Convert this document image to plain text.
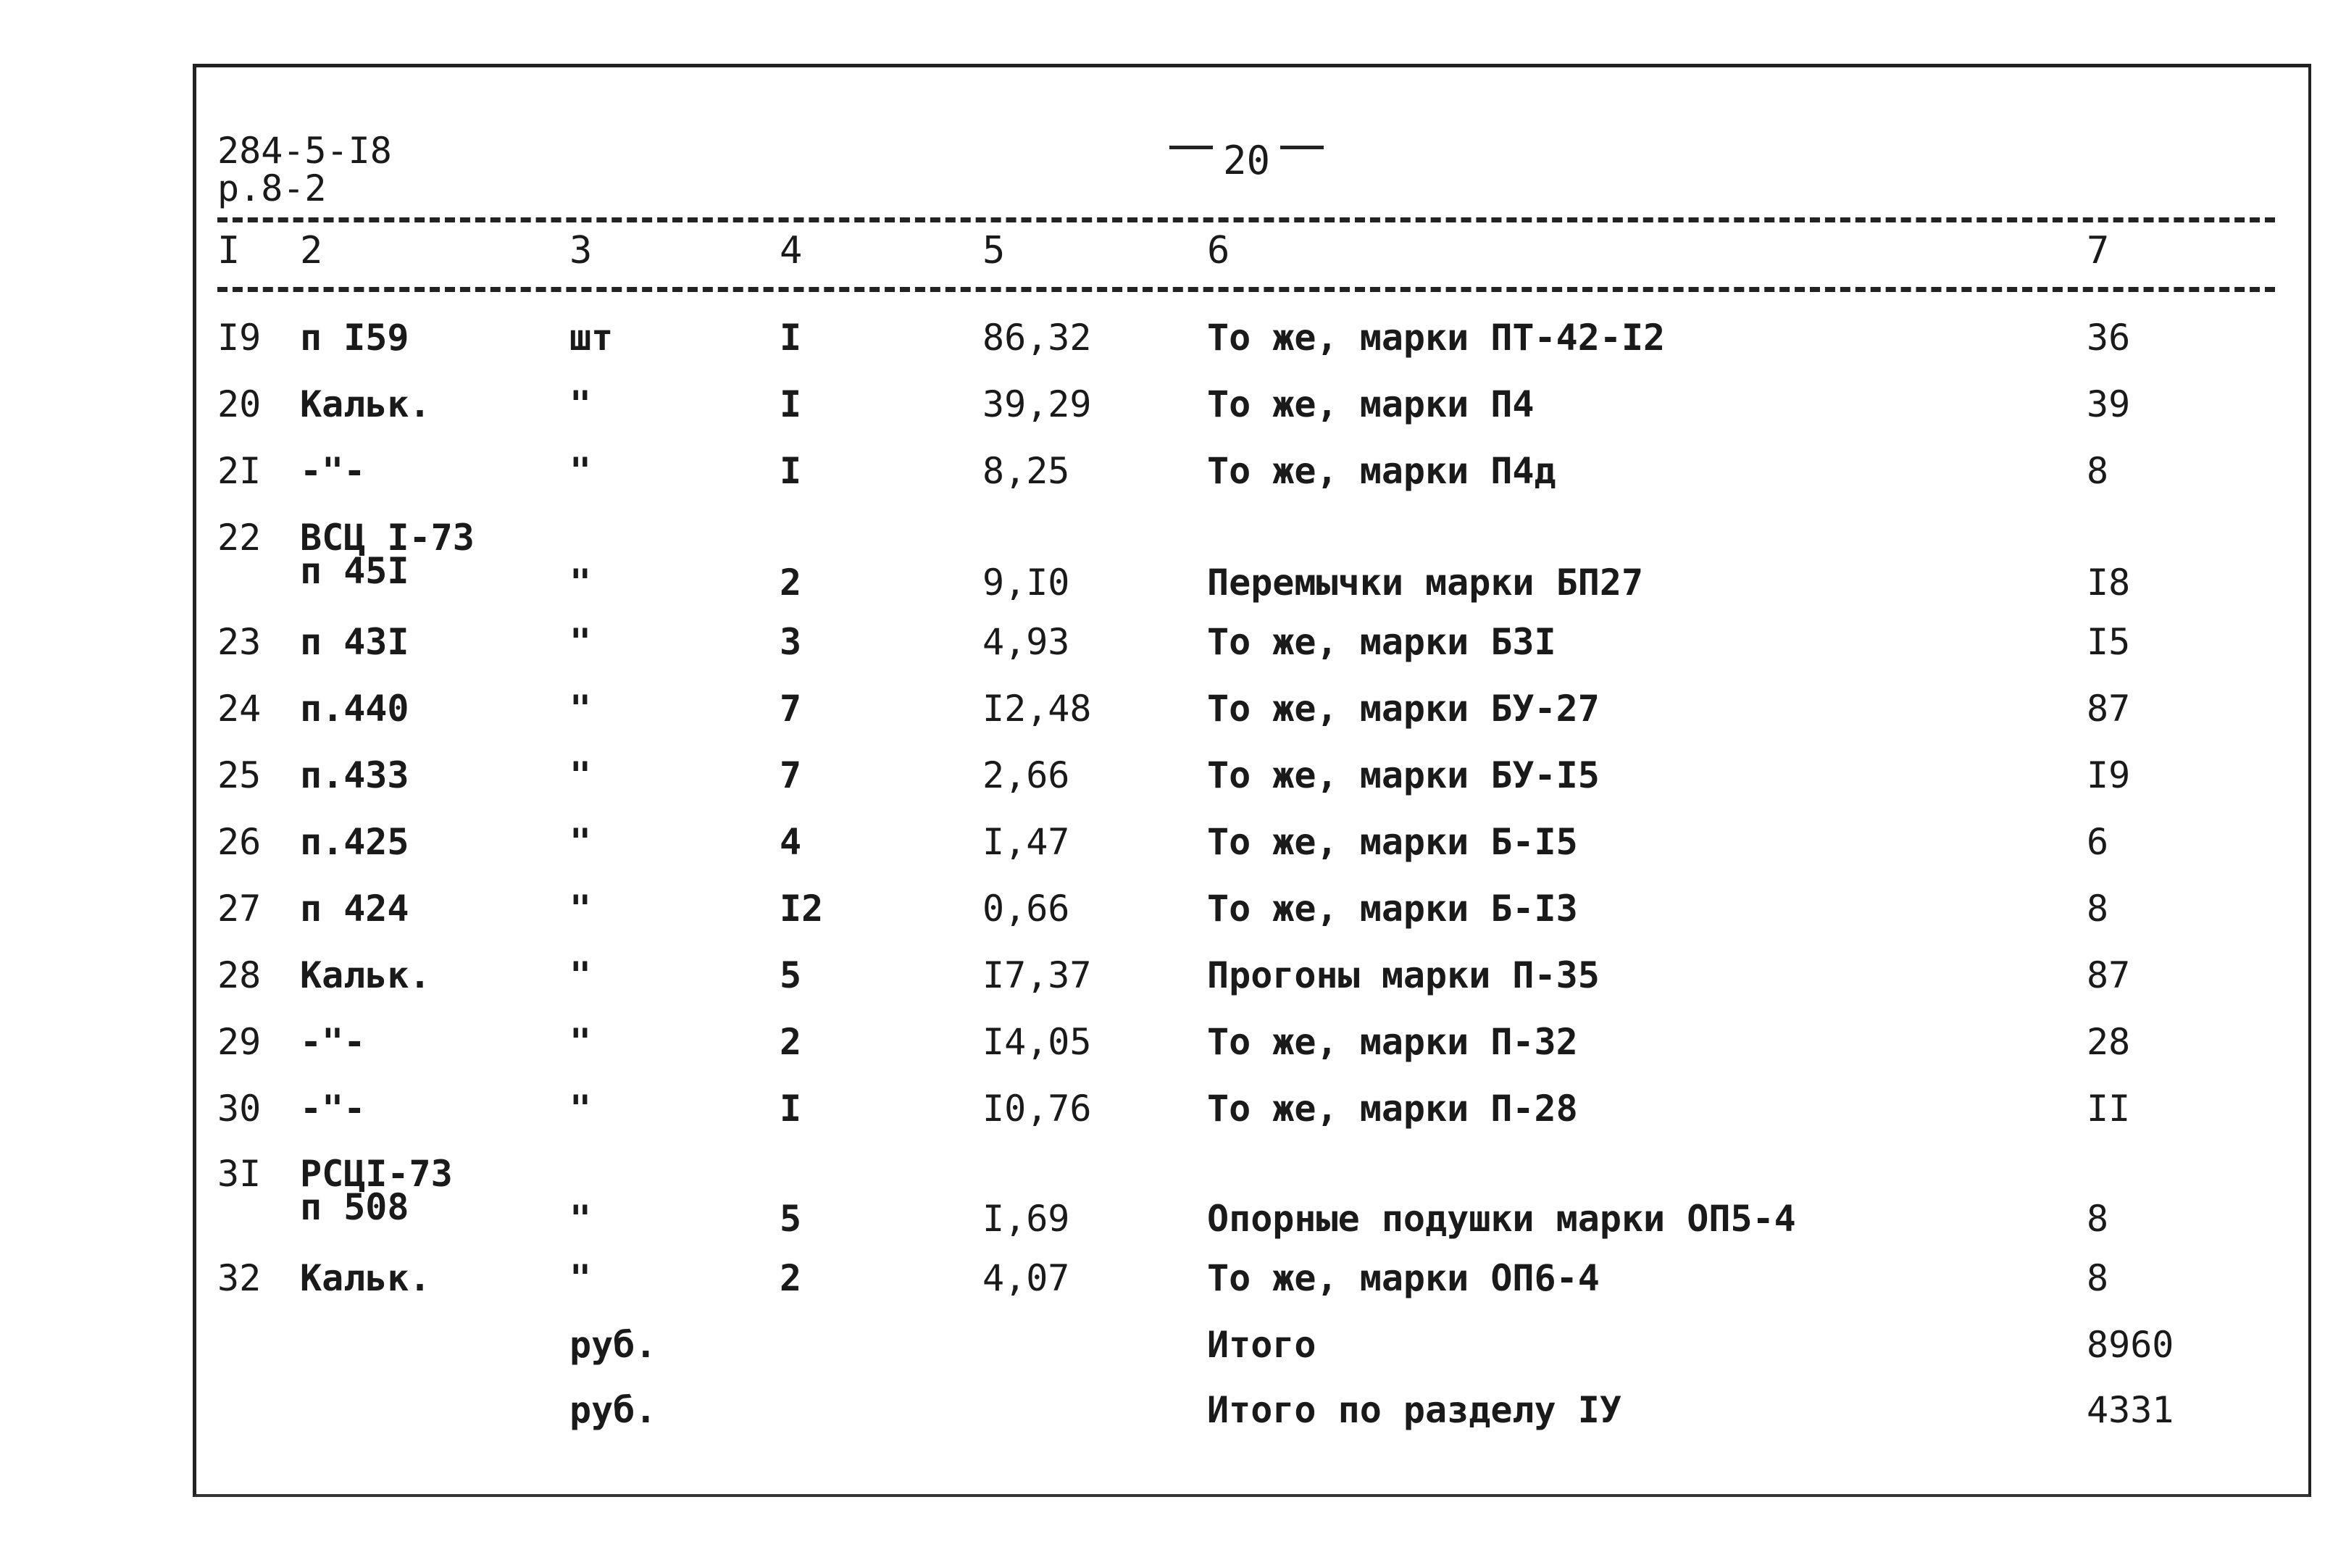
284-5-I8
р.8-2
20
I 2	3	4	5	6	7
I9 п I59	шт	I	86,32	То же, марки ПТ-42-I2	36
20 Кальк.	"	I	39,29	То же, марки П4	39
2I -"-	"	I	8,25	То же, марки П4д	8
22 ВСЦ I-73
п 45I	"	2	9,I0	Перемычки марки БП27	I8
23 п 43I	"	3	4,93	То же, марки Б3I	I5
24 п.440	"	7	I2,48	То же, марки БУ-27	87
25 п.433	"	7	2,66	То же, марки БУ-I5	I9
26 п.425	"	4	I,47	То же, марки Б-I5	6
27 п 424	"	I2	0,66	То же, марки Б-I3	8
28 Кальк.	"	5	I7,37	Прогоны марки П-35	87
29 -"-	"	2	I4,05	То же, марки П-32	28
30 -"-	"	I	I0,76	То же, марки П-28	II
3I РСЦI-73
п 508	"	5	I,69	Опорные подушки марки ОП5-4	8
32 Кальк.	"	2	4,07	То же, марки ОП6-4	8
руб.	Итого	8960
руб.	Итого по разделу IУ	4331
